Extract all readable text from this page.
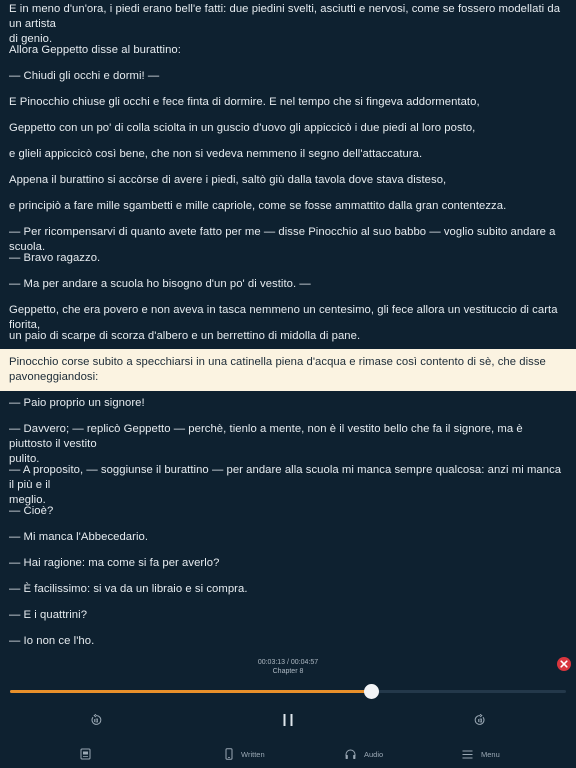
E in meno d'un'ora, i piedi erano bell'e fatti: due piedini svelti, asciutti e nervosi, come se fossero modellati da un artista
di genio.
Allora Geppetto disse al burattino:
— Chiudi gli occhi e dormi! —
E Pinocchio chiuse gli occhi e fece finta di dormire. E nel tempo che si fingeva addormentato,
Geppetto con un po' di colla sciolta in un guscio d'uovo gli appiccicò i due piedi al loro posto,
e glieli appiccicò così bene, che non si vedeva nemmeno il segno dell'attaccatura.
Appena il burattino si accòrse di avere i piedi, saltò giù dalla tavola dove stava disteso,
e principiò a fare mille sgambetti e mille capriole, come se fosse ammattito dalla gran contentezza.
— Per ricompensarvi di quanto avete fatto per me — disse Pinocchio al suo babbo — voglio subito andare a scuola.
— Bravo ragazzo.
— Ma per andare a scuola ho bisogno d'un po' di vestito. —
Geppetto, che era povero e non aveva in tasca nemmeno un centesimo, gli fece allora un vestituccio di carta fiorita,
un paio di scarpe di scorza d'albero e un berrettino di midolla di pane.
Pinocchio corse subito a specchiarsi in una catinella piena d'acqua e rimase così contento di sè, che disse
pavoneggiandosi:
— Paio proprio un signore!
— Davvero; — replicò Geppetto — perchè, tienlo a mente, non è il vestito bello che fa il signore, ma è piuttosto il vestito
pulito.
— A proposito, — soggiunse il burattino — per andare alla scuola mi manca sempre qualcosa: anzi mi manca il più e il
meglio.
— Cioè?
— Mi manca l'Abbecedario.
— Hai ragione: ma come si fa per averlo?
— È facilissimo: si va da un libraio e si compra.
— E i quattrini?
— Io non ce l'ho.
00:03:13 / 00:04:57
Chapter 8
Written	Audio	Menu
